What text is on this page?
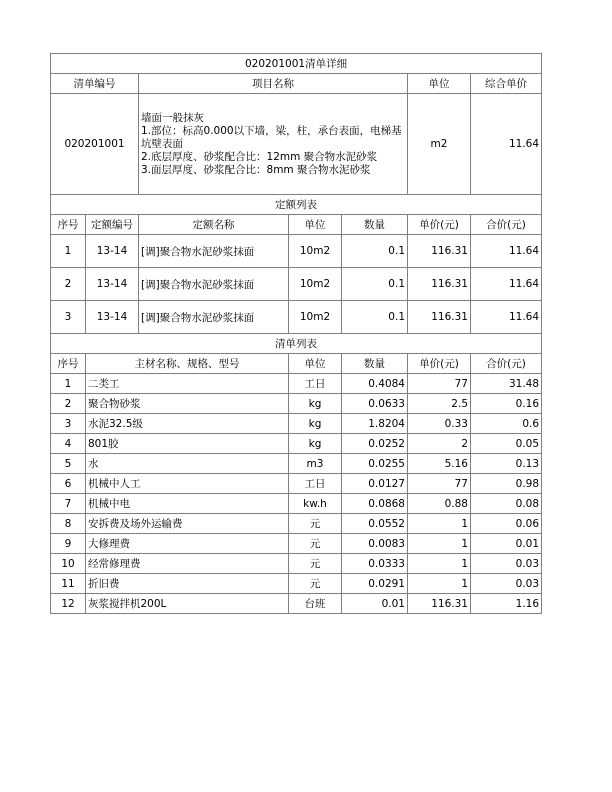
020201001清单详细						
清单编号		项目名称			单位	综合单价
020201001		墙面一般抹灰
1.部位：标高0.000以下墙，梁，柱，承台表面，电梯基坑壁表面
2.底层厚度、砂浆配合比：12mm 聚合物水泥砂浆
3.面层厚度、砂浆配合比：8mm 聚合物水泥砂浆			m2	11.64
定额列表						
序号	定额编号	定额名称	单位	数量	单价(元)	合价(元)
1	13-14	[调]聚合物水泥砂浆抹面	10m2	0.1	116.31	11.64
2	13-14	[调]聚合物水泥砂浆抹面	10m2	0.1	116.31	11.64
3	13-14	[调]聚合物水泥砂浆抹面	10m2	0.1	116.31	11.64
清单列表						
序号	主材名称、规格、型号		单位	数量	单价(元)	合价(元)
1	二类工		工日	0.4084	77	31.48
2	聚合物砂浆		kg	0.0633	2.5	0.16
3	水泥32.5级		kg	1.8204	0.33	0.6
4	801胶		kg	0.0252	2	0.05
5	水		m3	0.0255	5.16	0.13
6	机械中人工		工日	0.0127	77	0.98
7	机械中电		kw.h	0.0868	0.88	0.08
8	安拆费及场外运输费		元	0.0552	1	0.06
9	大修理费		元	0.0083	1	0.01
10	经常修理费		元	0.0333	1	0.03
11	折旧费		元	0.0291	1	0.03
12	灰浆搅拌机200L		台班	0.01	116.31	1.16
